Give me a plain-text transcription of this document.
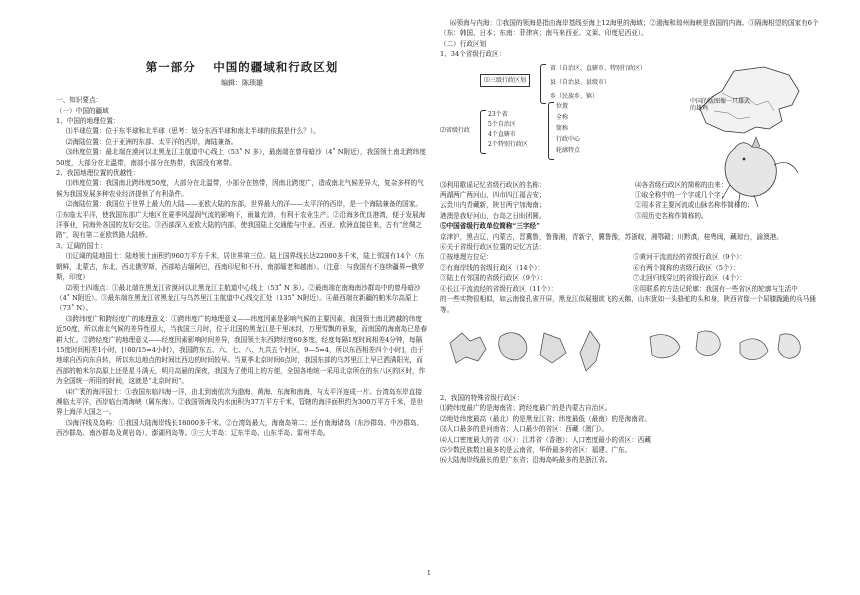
第一部分　 中国的疆域和行政区划
编辑：陈琐雄
一、知识要点：
（一）中国的疆域
1、中国的地理位置：
⑴半球位置：位于东半球和北半球（思考：划分东西半球和南北半球的依据是什么？）。
⑵海陆位置：位于亚洲的东部、太平洋的西岸，海陆兼备。
⑶纬度位置：最北端在漠河以北黑龙江主航道中心线上（53˚ N 多），最南端在曾母暗沙（4˚ N附近），我国领土南北跨纬度50度，大部分在北温带，南部小部分在热带，我国没有寒带。
2、我国地理位置的优越性：
⑴纬度位置：我国南北跨纬度50度，大部分在北温带，小部分在热带，因南北跨度广，造成南北气候差异大，复杂多样的气候为我国发展多种农业经济提供了有利条件。
⑵海陆位置：我国位于世界上最大的大陆——亚欧大陆的东部，世界最大的洋——太平洋的西岸，是一个海陆兼备的国家。①东临太平洋，使我国东部广大地区在夏季风湿润气流的影响下，雨量充沛，有利于农业生产。②沿海多优良港湾，便于发展海洋事业，同海外各国的友好交往。③西部深入亚欧大陆的内部，使我国陆上交通能与中亚、西亚、欧洲直接往来，古有“丝绸之路”，现有第二亚欧铁路大陆桥。
3、辽阔的国土：
⑴辽阔的陆地国土：陆地领土面积约960万平方千米，居世界第三位。陆上国界线长达22000多千米，陆上邻国有14个（东朝鲜，北蒙古，东北、西北俄罗斯，西部哈吉缅阿巴，西南印尼和不丹，南部缅老和越南）。（注意：与我国有不连续疆界→俄罗斯，印度）
⑵领土四端点：①最北端在黑龙江省漠河以北黑龙江主航道中心线上（53˚ N 多）。②最南端在南海南沙群岛中的曾母暗沙（4˚ N附近）。③最东端在黑龙江省黑龙江与乌苏里江主航道中心线交汇处（135˚ N附近）。④最西端在新疆的帕米尔高原上（73˚ N）。
⑶跨纬度广和跨经度广的地理意义：①跨纬度广的地理意义——纬度因素是影响气候的主要因素，我国领土南北跨越的纬度近50度，所以南北气候的差异性很大，当我国三月时，位于北国的黑龙江是千里冰封，万里雪飘的景象，而南国的海南岛已是春耕大忙。②跨经度广的地理意义——经度因素影响时间差异，我国领土东西跨经度60多度，经度每隔1度时间相差4分钟，每隔15度时间相差1小时，[（60/15=4小时），我国跨东五、六、七、八、九共五个时区，9—5=4，所以东西相差四个小时]，由于地球自西向东自转，所以东边地点的时间比西边的时间较早。当夏季北京时间6点时，我国东部的乌苏里江上早已洒满阳光，而西部的帕米尔高原上还是星斗满天，明月高悬的深夜，我国为了使用上的方便，全国各地统一采用北京所在的东八区的区时，作为全国统一所用的时间，这就是“北京时间”。
⑷广袤的海洋国土：①我国东临四海一洋，由北到南依次为渤海、黄海、东海和南海，与太平洋连成一片。台湾岛东岸直接濒临太平洋，西岸临台湾海峡（属东海）。②我国领海及内水面积为37万平方千米，管辖的海洋面积约为300万平方千米，是世界上海洋大国之一。
⑸海洋线及岛屿：①我国大陆海岸线长18000多千米。②台湾岛最大，海南岛第二；还有南海诸岛（东沙群岛、中沙群岛、西沙群岛、南沙群岛及黄岩岛）、澎湖列岛等。③三大半岛：辽东半岛、山东半岛、雷州半岛。
⑹领海与内海：①我国的领海是指由海岸基线至海上12海里的海域；②渤海和琼州海峡是我国的内海。③隔海相望的国家有6个（东：韩国、日本；东南：菲律宾；南马来西亚、文莱、印度尼西亚）。
（二）行政区划
1、34个省级行政区：
⑴三级行政区划
省（自治区、直辖市、特别行政区）
县（自治县、县级市）
乡（民族乡、镇）
⑵省级行政
23个省
5个自治区
4个直辖市
2个特别行政区
位置
全称
简称
行政中心
轮廓特点
中国的版图像一只雄武的雄鸡
⑶利用歌谣记忆省级行政区的名称：
两湖两广两河山，四市四江福吉安；
云贵川内青藏新，陕甘两宁加海南；
港澳是我好河山，台岛之日盼团圆。
⑷各省级行政区的简称的由来：
①取全称中的一个字或几个字；
②用本省主要河流或山脉名称作简称的；
③用历史名称作简称的。
⑤中国省级行政单位简称“三字经”
京津沪，黑吉辽，内蒙古，晋冀鲁，鲁豫湘，青新宁，冀鲁豫，苏浙皖，湘鄂赣；川黔滇，桂粤闽，藏琼台，渝澳港。
⑥关于省级行政区位置的记忆方法：
①按地理方位记：
②有海岸线的省级行政区（14个）：
③陆上有邻国的省级行政区（9个）：
④长江干流流经的省级行政区（11个）：
⑤黄河干流流经的省级行政区（9个）：
⑥有两个简称的省级行政区（5个）：
⑦北回归线穿过的省级行政区（4个）：
⑧用联系的方法记轮廓：我国有一些省区的轮廓与生活中
的一些实物很相似，如云南像孔雀开屏，黑龙江似展翅欲飞的天鹅，山东犹如一头骆驼的头和身，陕西省像一个屈膝跪跪的兵马俑等。
2、我国的特殊省级行政区：
⑴跨纬度最广的是海南省；跨经度最广的是内蒙古自治区。
⑵地处纬度最高（最北）的是黑龙江省；纬度最低（最南）的是海南省。
⑶人口最多的是河南省；人口最少的省区：西藏（澳门）。
⑷人口密度最大的省（区）：江苏省（香港）；人口密度最小的省区：西藏
⑸少数民族数目最多的是云南省，华侨最多的省区：福建、广东。
⑹大陆海岸线最长的是广东省；沿海岛屿最多的是浙江省。
1
